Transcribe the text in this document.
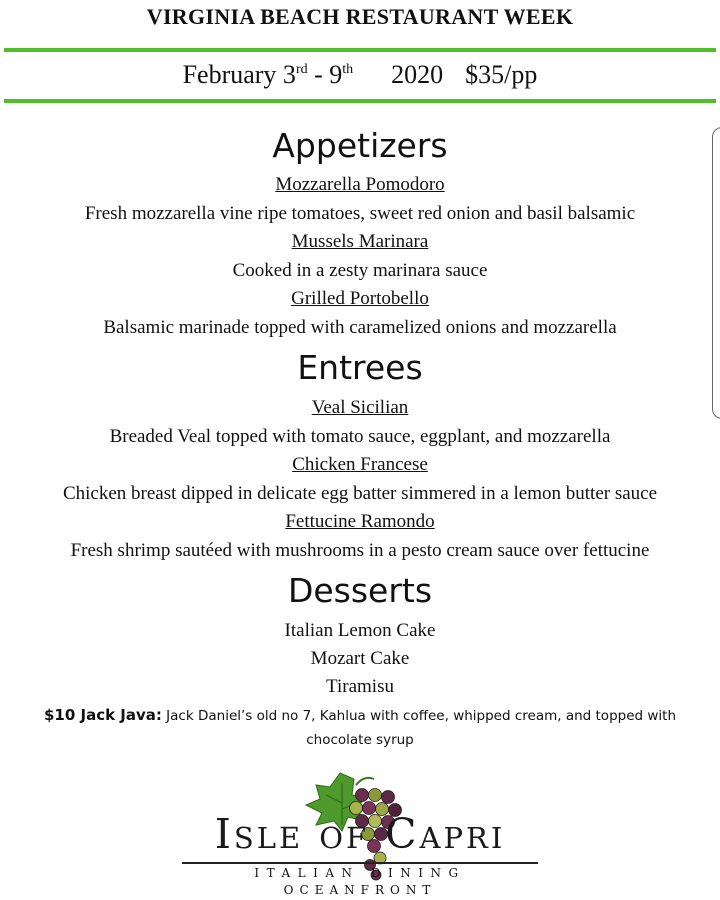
VIRGINIA BEACH RESTAURANT WEEK
February 3rd - 9th 2020 $35/pp
Appetizers
Mozzarella Pomodoro
Fresh mozzarella vine ripe tomatoes, sweet red onion and basil balsamic
Mussels Marinara
Cooked in a zesty marinara sauce
Grilled Portobello
Balsamic marinade topped with caramelized onions and mozzarella
Entrees
Veal Sicilian
Breaded Veal topped with tomato sauce, eggplant, and mozzarella
Chicken Francese
Chicken breast dipped in delicate egg batter simmered in a lemon butter sauce
Fettucine Ramondo
Fresh shrimp sautéed with mushrooms in a pesto cream sauce over fettucine
Desserts
Italian Lemon Cake
Mozart Cake
Tiramisu
$10 Jack Java: Jack Daniel’s old no 7, Kahlua with coffee, whipped cream, and topped with
chocolate syrup
Isle of Capri
ITALIAN DINING
OCEANFRONT
